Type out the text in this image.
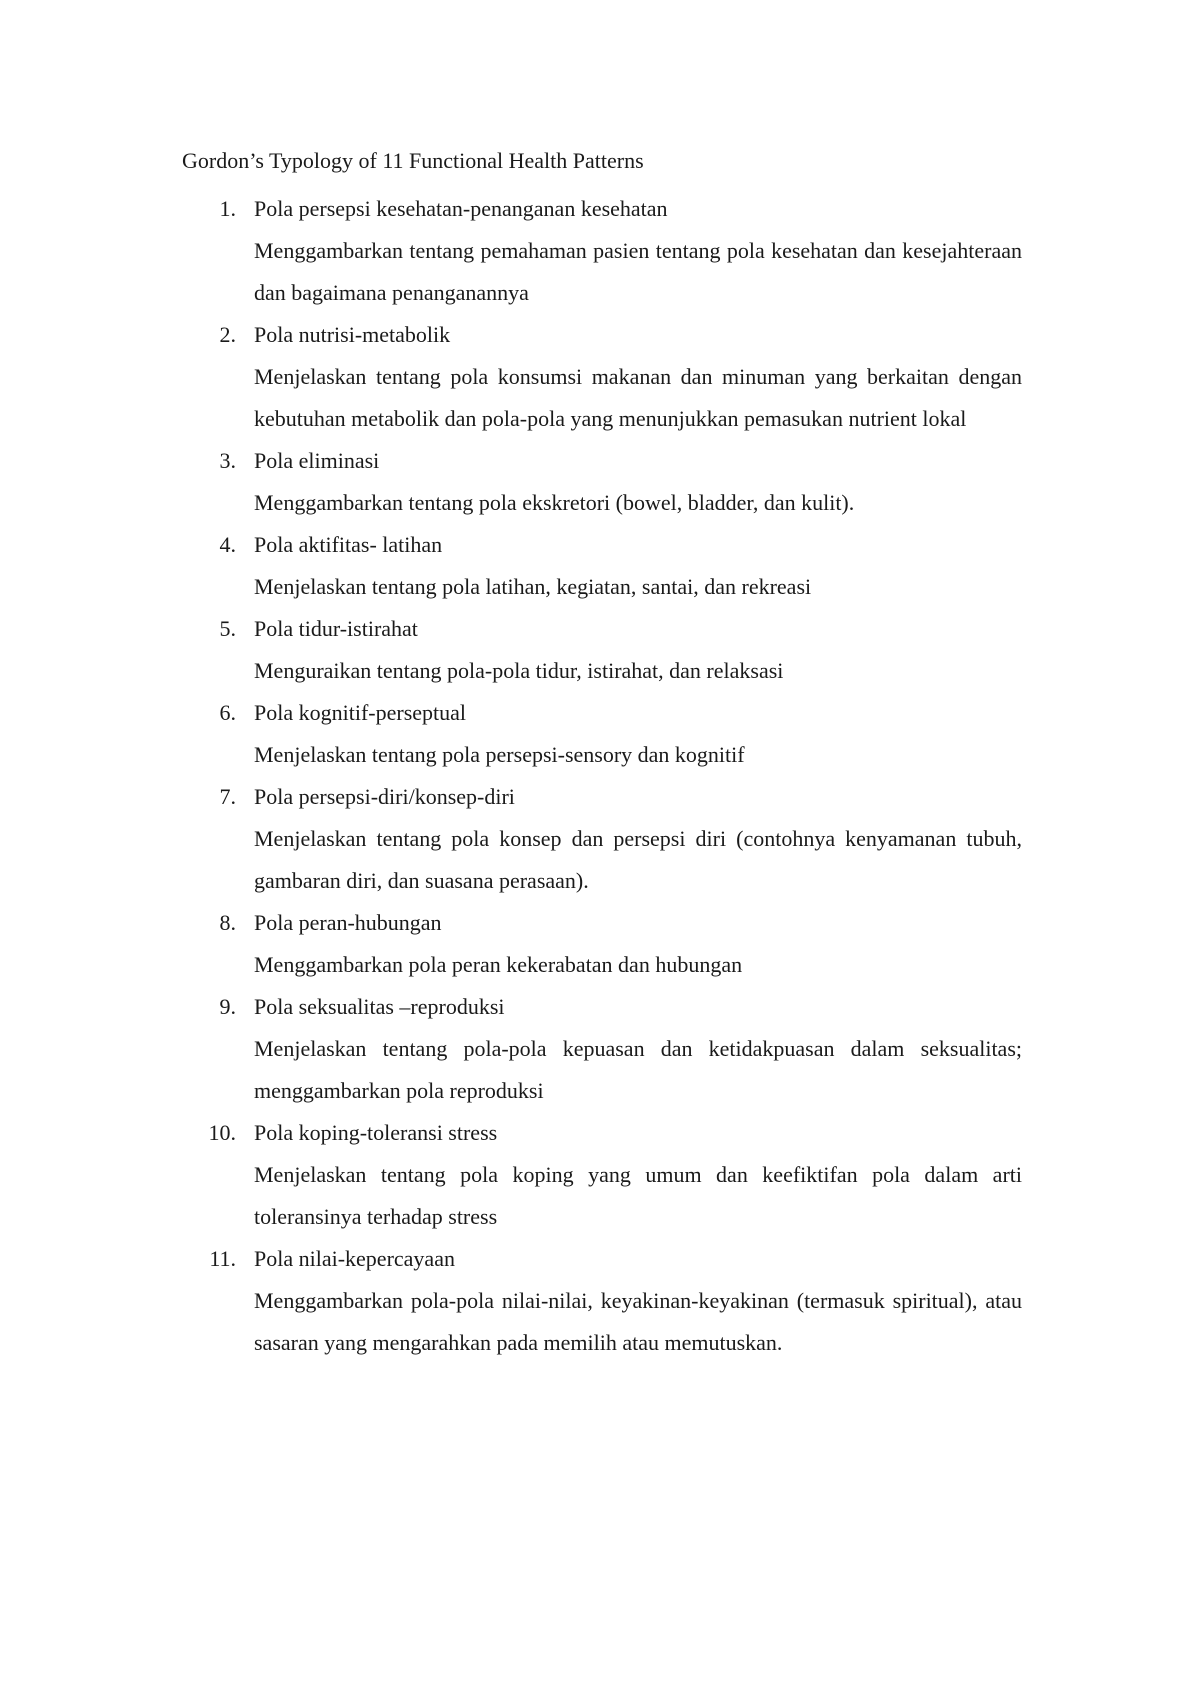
Gordon’s Typology of 11 Functional Health Patterns
1. Pola persepsi kesehatan-penanganan kesehatan
Menggambarkan tentang pemahaman pasien tentang pola kesehatan dan kesejahteraan dan bagaimana penanganannya
2. Pola nutrisi-metabolik
Menjelaskan tentang pola konsumsi makanan dan minuman yang berkaitan dengan kebutuhan metabolik dan pola-pola yang menunjukkan pemasukan nutrient lokal
3. Pola eliminasi
Menggambarkan tentang pola ekskretori (bowel, bladder, dan kulit).
4. Pola aktifitas- latihan
Menjelaskan tentang pola latihan, kegiatan, santai, dan rekreasi
5. Pola tidur-istirahat
Menguraikan tentang pola-pola tidur, istirahat, dan relaksasi
6. Pola kognitif-perseptual
Menjelaskan tentang pola persepsi-sensory dan kognitif
7. Pola persepsi-diri/konsep-diri
Menjelaskan tentang pola konsep dan persepsi diri (contohnya kenyamanan tubuh, gambaran diri, dan suasana perasaan).
8. Pola peran-hubungan
Menggambarkan pola peran kekerabatan dan hubungan
9. Pola seksualitas –reproduksi
Menjelaskan tentang pola-pola kepuasan dan ketidakpuasan dalam seksualitas; menggambarkan pola reproduksi
10. Pola koping-toleransi stress
Menjelaskan tentang pola koping yang umum dan keefiktifan pola dalam arti toleransinya terhadap stress
11. Pola nilai-kepercayaan
Menggambarkan pola-pola nilai-nilai, keyakinan-keyakinan (termasuk spiritual), atau sasaran yang mengarahkan pada memilih atau memutuskan.
